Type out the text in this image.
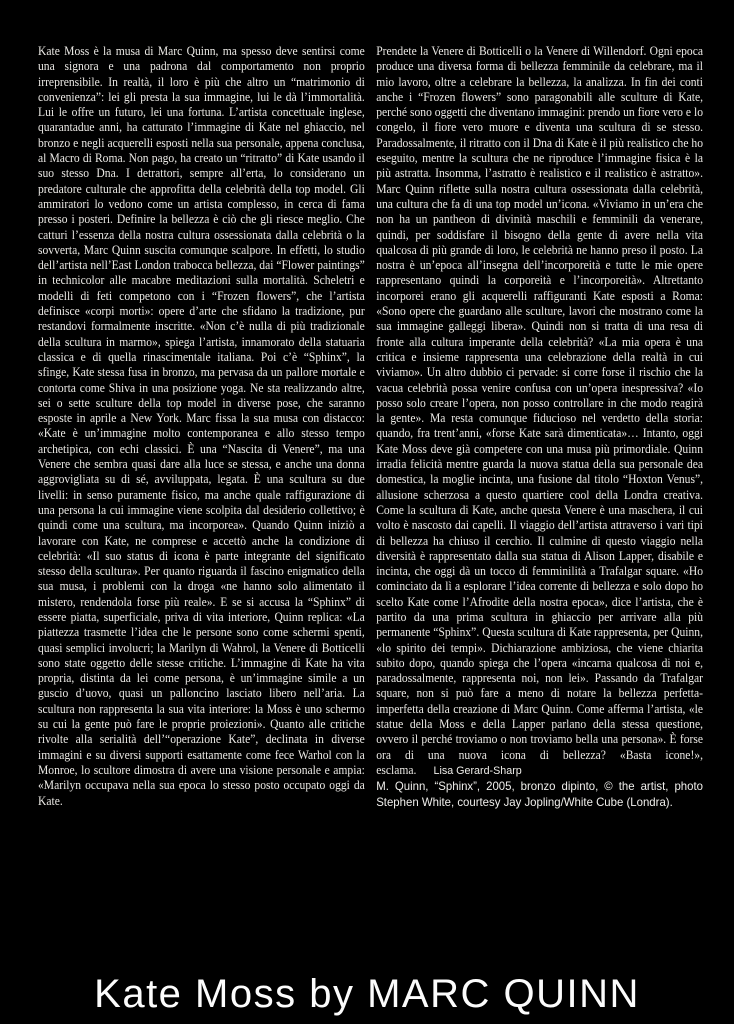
Kate Moss è la musa di Marc Quinn, ma spesso deve sentirsi come una signora e una padrona dal comportamento non proprio irreprensibile. In realtà, il loro è più che altro un “matrimonio di convenienza”: lei gli presta la sua immagine, lui le dà l’immortalità. Lui le offre un futuro, lei una fortuna. L’artista concettuale inglese, quarantadue anni, ha catturato l’immagine di Kate nel ghiaccio, nel bronzo e negli acquerelli esposti nella sua personale, appena conclusa, al Macro di Roma. Non pago, ha creato un “ritratto” di Kate usando il suo stesso Dna. I detrattori, sempre all’erta, lo considerano un predatore culturale che approfitta della celebrità della top model. Gli ammiratori lo vedono come un artista complesso, in cerca di fama presso i posteri. Definire la bellezza è ciò che gli riesce meglio. Che catturi l’essenza della nostra cultura ossessionata dalla celebrità o la sovverta, Marc Quinn suscita comunque scalpore. In effetti, lo studio dell’artista nell’East London trabocca bellezza, dai “Flower paintings” in technicolor alle macabre meditazioni sulla mortalità. Scheletri e modelli di feti competono con i “Frozen flowers”, che l’artista definisce «corpi morti»: opere d’arte che sfidano la tradizione, pur restandovi formalmente inscritte. «Non c’è nulla di più tradizionale della scultura in marmo», spiega l’artista, innamorato della statuaria classica e di quella rinascimentale italiana. Poi c’è “Sphinx”, la sfinge, Kate stessa fusa in bronzo, ma pervasa da un pallore mortale e contorta come Shiva in una posizione yoga. Ne sta realizzando altre, sei o sette sculture della top model in diverse pose, che saranno esposte in aprile a New York. Marc fissa la sua musa con distacco: «Kate è un’immagine molto contemporanea e allo stesso tempo archetipica, con echi classici. È una “Nascita di Venere”, ma una Venere che sembra quasi dare alla luce se stessa, e anche una donna aggrovigliata su di sé, avviluppata, legata. È una scultura su due livelli: in senso puramente fisico, ma anche quale raffigurazione di una persona la cui immagine viene scolpita dal desiderio collettivo; è quindi come una scultura, ma incorporea». Quando Quinn iniziò a lavorare con Kate, ne comprese e accettò anche la condizione di celebrità: «Il suo status di icona è parte integrante del significato stesso della scultura». Per quanto riguarda il fascino enigmatico della sua musa, i problemi con la droga «ne hanno solo alimentato il mistero, rendendola forse più reale». E se si accusa la “Sphinx” di essere piatta, superficiale, priva di vita interiore, Quinn replica: «La piattezza trasmette l’idea che le persone sono come schermi spenti, quasi semplici involucri; la Marilyn di Wahrol, la Venere di Botticelli sono state oggetto delle stesse critiche. L’immagine di Kate ha vita propria, distinta da lei come persona, è un’immagine simile a un guscio d’uovo, quasi un palloncino lasciato libero nell’aria. La scultura non rappresenta la sua vita interiore: la Moss è uno schermo su cui la gente può fare le proprie proiezioni». Quanto alle critiche rivolte alla serialità dell’“operazione Kate”, declinata in diverse immagini e su diversi supporti esattamente come fece Warhol con la Monroe, lo scultore dimostra di avere una visione personale e ampia: «Marilyn occupava nella sua epoca lo stesso posto occupato oggi da Kate.

Prendete la Venere di Botticelli o la Venere di Willendorf. Ogni epoca produce una diversa forma di bellezza femminile da celebrare, ma il mio lavoro, oltre a celebrare la bellezza, la analizza. In fin dei conti anche i “Frozen flowers” sono paragonabili alle sculture di Kate, perché sono oggetti che diventano immagini: prendo un fiore vero e lo congelo, il fiore vero muore e diventa una scultura di se stesso. Paradossalmente, il ritratto con il Dna di Kate è il più realistico che ho eseguito, mentre la scultura che ne riproduce l’immagine fisica è la più astratta. Insomma, l’astratto è realistico e il realistico è astratto». Marc Quinn riflette sulla nostra cultura ossessionata dalla celebrità, una cultura che fa di una top model un’icona. «Viviamo in un’era che non ha un pantheon di divinità maschili e femminili da venerare, quindi, per soddisfare il bisogno della gente di avere nella vita qualcosa di più grande di loro, le celebrità ne hanno preso il posto. La nostra è un’epoca all’insegna dell’incorporeità e tutte le mie opere rappresentano quindi la corporeità e l’incorporeità». Altrettanto incorporei erano gli acquerelli raffiguranti Kate esposti a Roma: «Sono opere che guardano alle sculture, lavori che mostrano come la sua immagine galleggi libera». Quindi non si tratta di una resa di fronte alla cultura imperante della celebrità? «La mia opera è una critica e insieme rappresenta una celebrazione della realtà in cui viviamo». Un altro dubbio ci pervade: si corre forse il rischio che la vacua celebrità possa venire confusa con un’opera inespressiva? «Io posso solo creare l’opera, non posso controllare in che modo reagirà la gente». Ma resta comunque fiducioso nel verdetto della storia: quando, fra trent’anni, «forse Kate sarà dimenticata»… Intanto, oggi Kate Moss deve già competere con una musa più primordiale. Quinn irradia felicità mentre guarda la nuova statua della sua personale dea domestica, la moglie incinta, una fusione dal titolo “Hoxton Venus”, allusione scherzosa a questo quartiere cool della Londra creativa. Come la scultura di Kate, anche questa Venere è una maschera, il cui volto è nascosto dai capelli. Il viaggio dell’artista attraverso i vari tipi di bellezza ha chiuso il cerchio. Il culmine di questo viaggio nella diversità è rappresentato dalla sua statua di Alison Lapper, disabile e incinta, che oggi dà un tocco di femminilità a Trafalgar square. «Ho cominciato da lì a esplorare l’idea corrente di bellezza e solo dopo ho scelto Kate come l’Afrodite della nostra epoca», dice l’artista, che è partito da una prima scultura in ghiaccio per arrivare alla più permanente “Sphinx”. Questa scultura di Kate rappresenta, per Quinn, «lo spirito dei tempi». Dichiarazione ambiziosa, che viene chiarita subito dopo, quando spiega che l’opera «incarna qualcosa di noi e, paradossalmente, rappresenta noi, non lei». Passando da Trafalgar square, non si può fare a meno di notare la bellezza perfetta-imperfetta della creazione di Marc Quinn. Come afferma l’artista, «le statue della Moss e della Lapper parlano della stessa questione, ovvero il perché troviamo o non troviamo bella una persona». È forse ora di una nuova icona di bellezza? «Basta icone!», esclama. Lisa Gerard-Sharp

M. Quinn, “Sphinx”, 2005, bronzo dipinto, © the artist, photo Stephen White, courtesy Jay Jopling/White Cube (Londra).

Kate Moss by MARC QUINN
